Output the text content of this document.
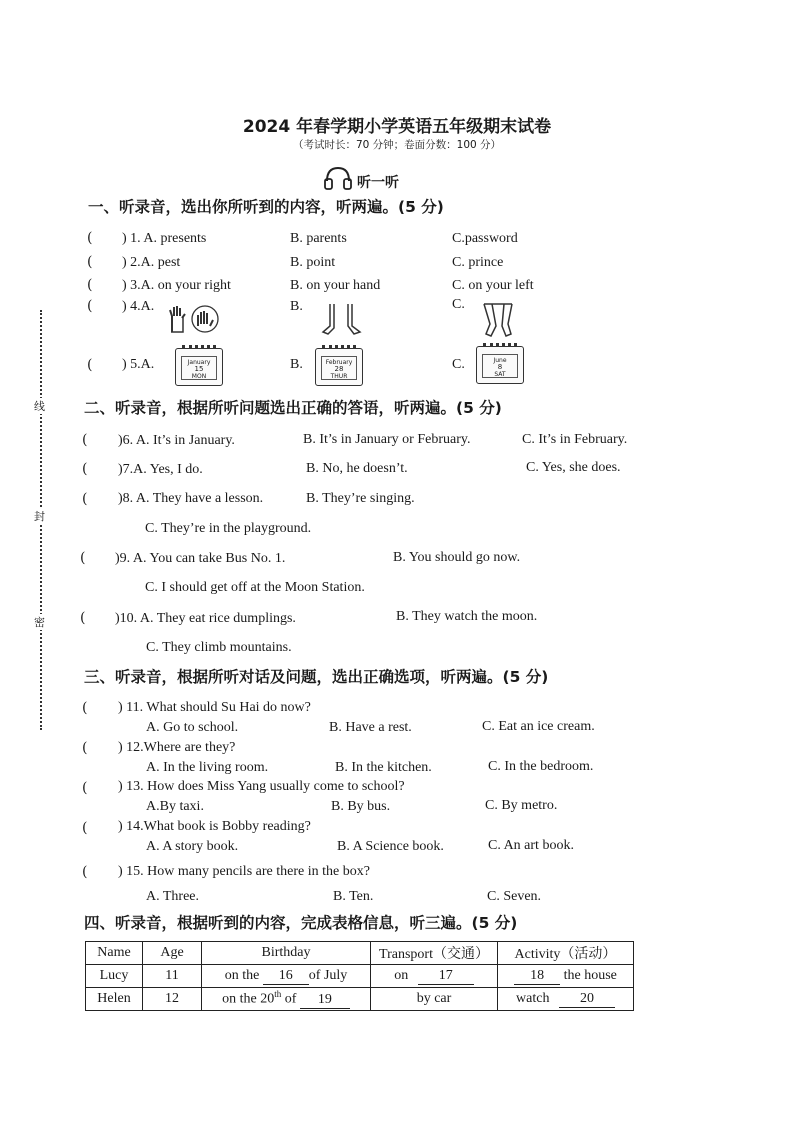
线
封
密
2024 年春学期小学英语五年级期末试卷
（考试时长：70 分钟；卷面分数：100 分）
听一听
一、听录音，选出你所听到的内容，听两遍。(5 分)
( ) 1. A. presents	B. parents	C.password
( ) 2.A. pest	B. point	C. prince
( ) 3.A. on your right	B. on your hand	C. on your left
( ) 4.A.	B.	C.
( ) 5.A.	January
15
MON
B.	February
28
THUR
C.	June
8
SAT
二、听录音，根据所听问题选出正确的答语，听两遍。(5 分)
( )6. A. It’s in January.	B. It’s in January or February.	C. It’s in February.
( )7.A. Yes, I do.	B. No, he doesn’t.	C. Yes, she does.
( )8. A. They have a lesson.	B. They’re singing.
C. They’re in the playground.
( )9. A. You can take Bus No. 1.	B. You should go now.
C. I should get off at the Moon Station.
( )10. A. They eat rice dumplings.	B. They watch the moon.
C. They climb mountains.
三、听录音，根据所听对话及问题，选出正确选项，听两遍。(5 分)
( ) 11. What should Su Hai do now?
A. Go to school.	B. Have a rest.	C. Eat an ice cream.
( ) 12.Where are they?
A. In the living room.	B. In the kitchen.	C. In the bedroom.
( ) 13. How does Miss Yang usually come to school?
A.By taxi.	B. By bus.	C. By metro.
( ) 14.What book is Bobby reading?
A. A story book.	B. A Science book.	C. An art book.
( ) 15. How many pencils are there in the box?
A. Three.	B. Ten.	C. Seven.
四、听录音，根据听到的内容，完成表格信息，听三遍。(5 分)
Name	Age	Birthday	Transport（交通）	Activity（活动）
Lucy	11	on the 16 of July	on 17	18 the house
Helen	12	on the 20th of 19	by car	watch 20
